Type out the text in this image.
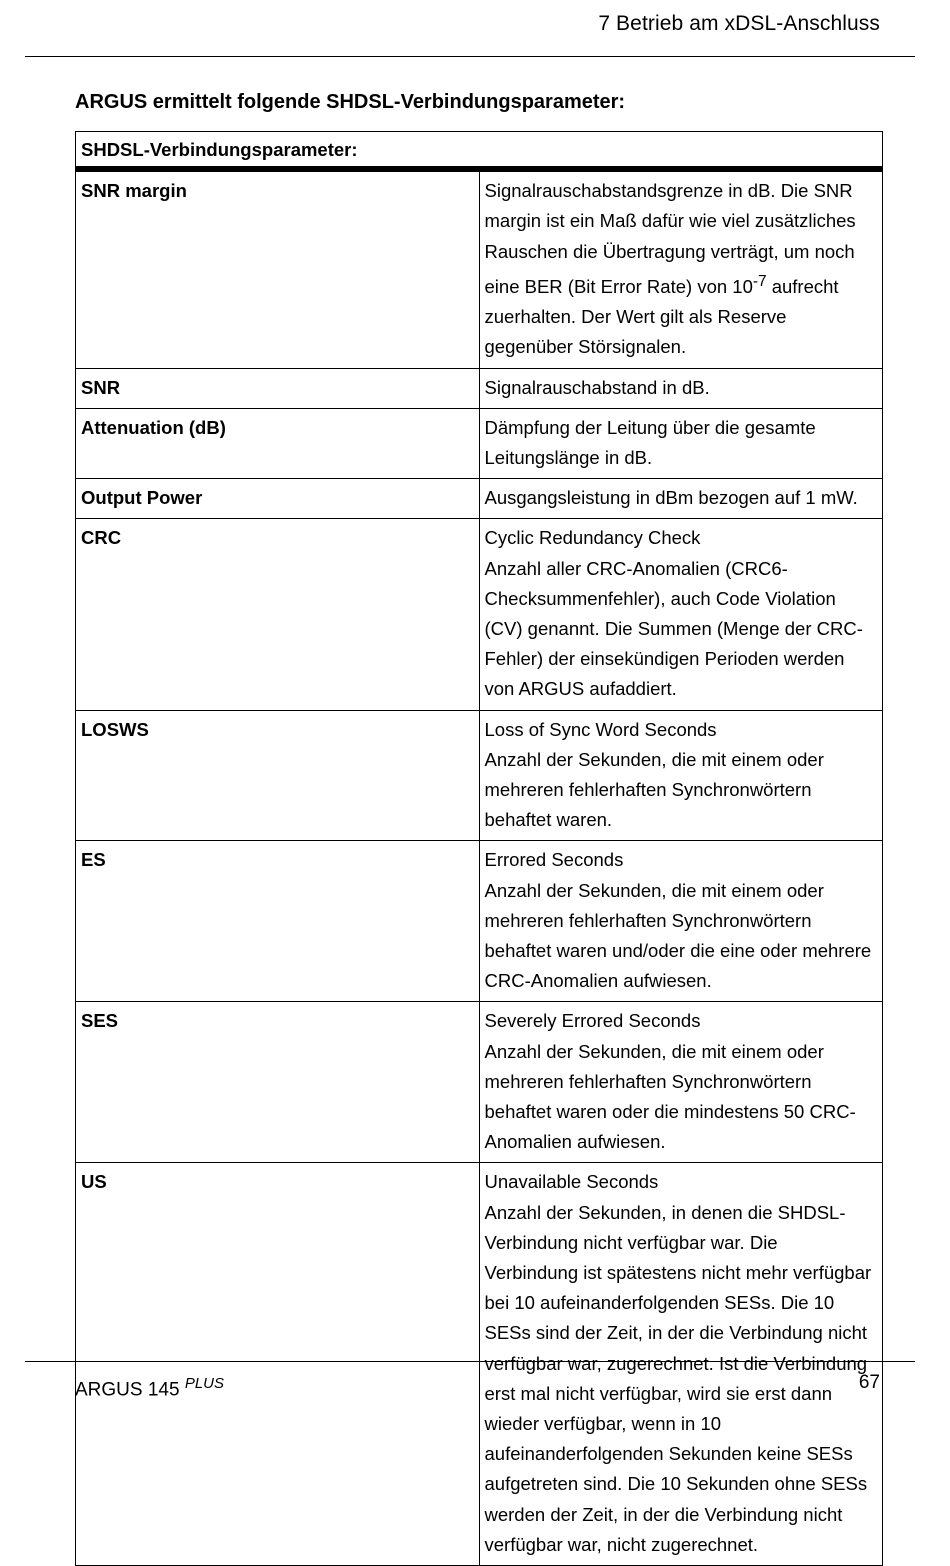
7 Betrieb am xDSL-Anschluss
ARGUS ermittelt folgende SHDSL-Verbindungsparameter:
SHDSL-Verbindungsparameter:	
SNR margin	Signalrauschabstandsgrenze in dB. Die SNR margin ist ein Maß dafür wie viel zusätzliches Rauschen die Übertragung verträgt, um noch eine BER (Bit Error Rate) von $10^{-7}$ aufrecht zuerhalten. Der Wert gilt als Reserve gegenüber Störsignalen.
SNR	Signalrauschabstand in dB.

Attenuation (dB)	Dämpfung der Leitung über die gesamte Leitungslänge in dB.

Output Power	Ausgangsleistung in dBm bezogen auf 1 mW.

CRC	Cyclic Redundancy Check
Anzahl aller CRC-Anomalien (CRC6-Checksummenfehler), auch Code Violation (CV) genannt. Die Summen (Menge der CRC-Fehler) der einsekündigen Perioden werden von ARGUS aufaddiert.

LOSWS	Loss of Sync Word Seconds
Anzahl der Sekunden, die mit einem oder mehreren fehlerhaften Synchronwörtern behaftet waren.

ES	Errored Seconds
Anzahl der Sekunden, die mit einem oder mehreren fehlerhaften Synchronwörtern behaftet waren und/oder die eine oder mehrere CRC-Anomalien aufwiesen.

SES	Severely Errored Seconds
Anzahl der Sekunden, die mit einem oder mehreren fehlerhaften Synchronwörtern behaftet waren oder die mindestens 50 CRC-Anomalien aufwiesen.

US	Unavailable Seconds
Anzahl der Sekunden, in denen die SHDSL-Verbindung nicht verfügbar war. Die Verbindung ist spätestens nicht mehr verfügbar bei 10 aufeinanderfolgenden SESs. Die 10 SESs sind der Zeit, in der die Verbindung nicht verfügbar war, zugerechnet. Ist die Verbindung erst mal nicht verfügbar, wird sie erst dann wieder verfügbar, wenn in 10 aufeinanderfolgenden Sekunden keine SESs aufgetreten sind. Die 10 Sekunden ohne SESs werden der Zeit, in der die Verbindung nicht verfügbar war, nicht zugerechnet.
ARGUS 145 $^{PLUS}$	67
